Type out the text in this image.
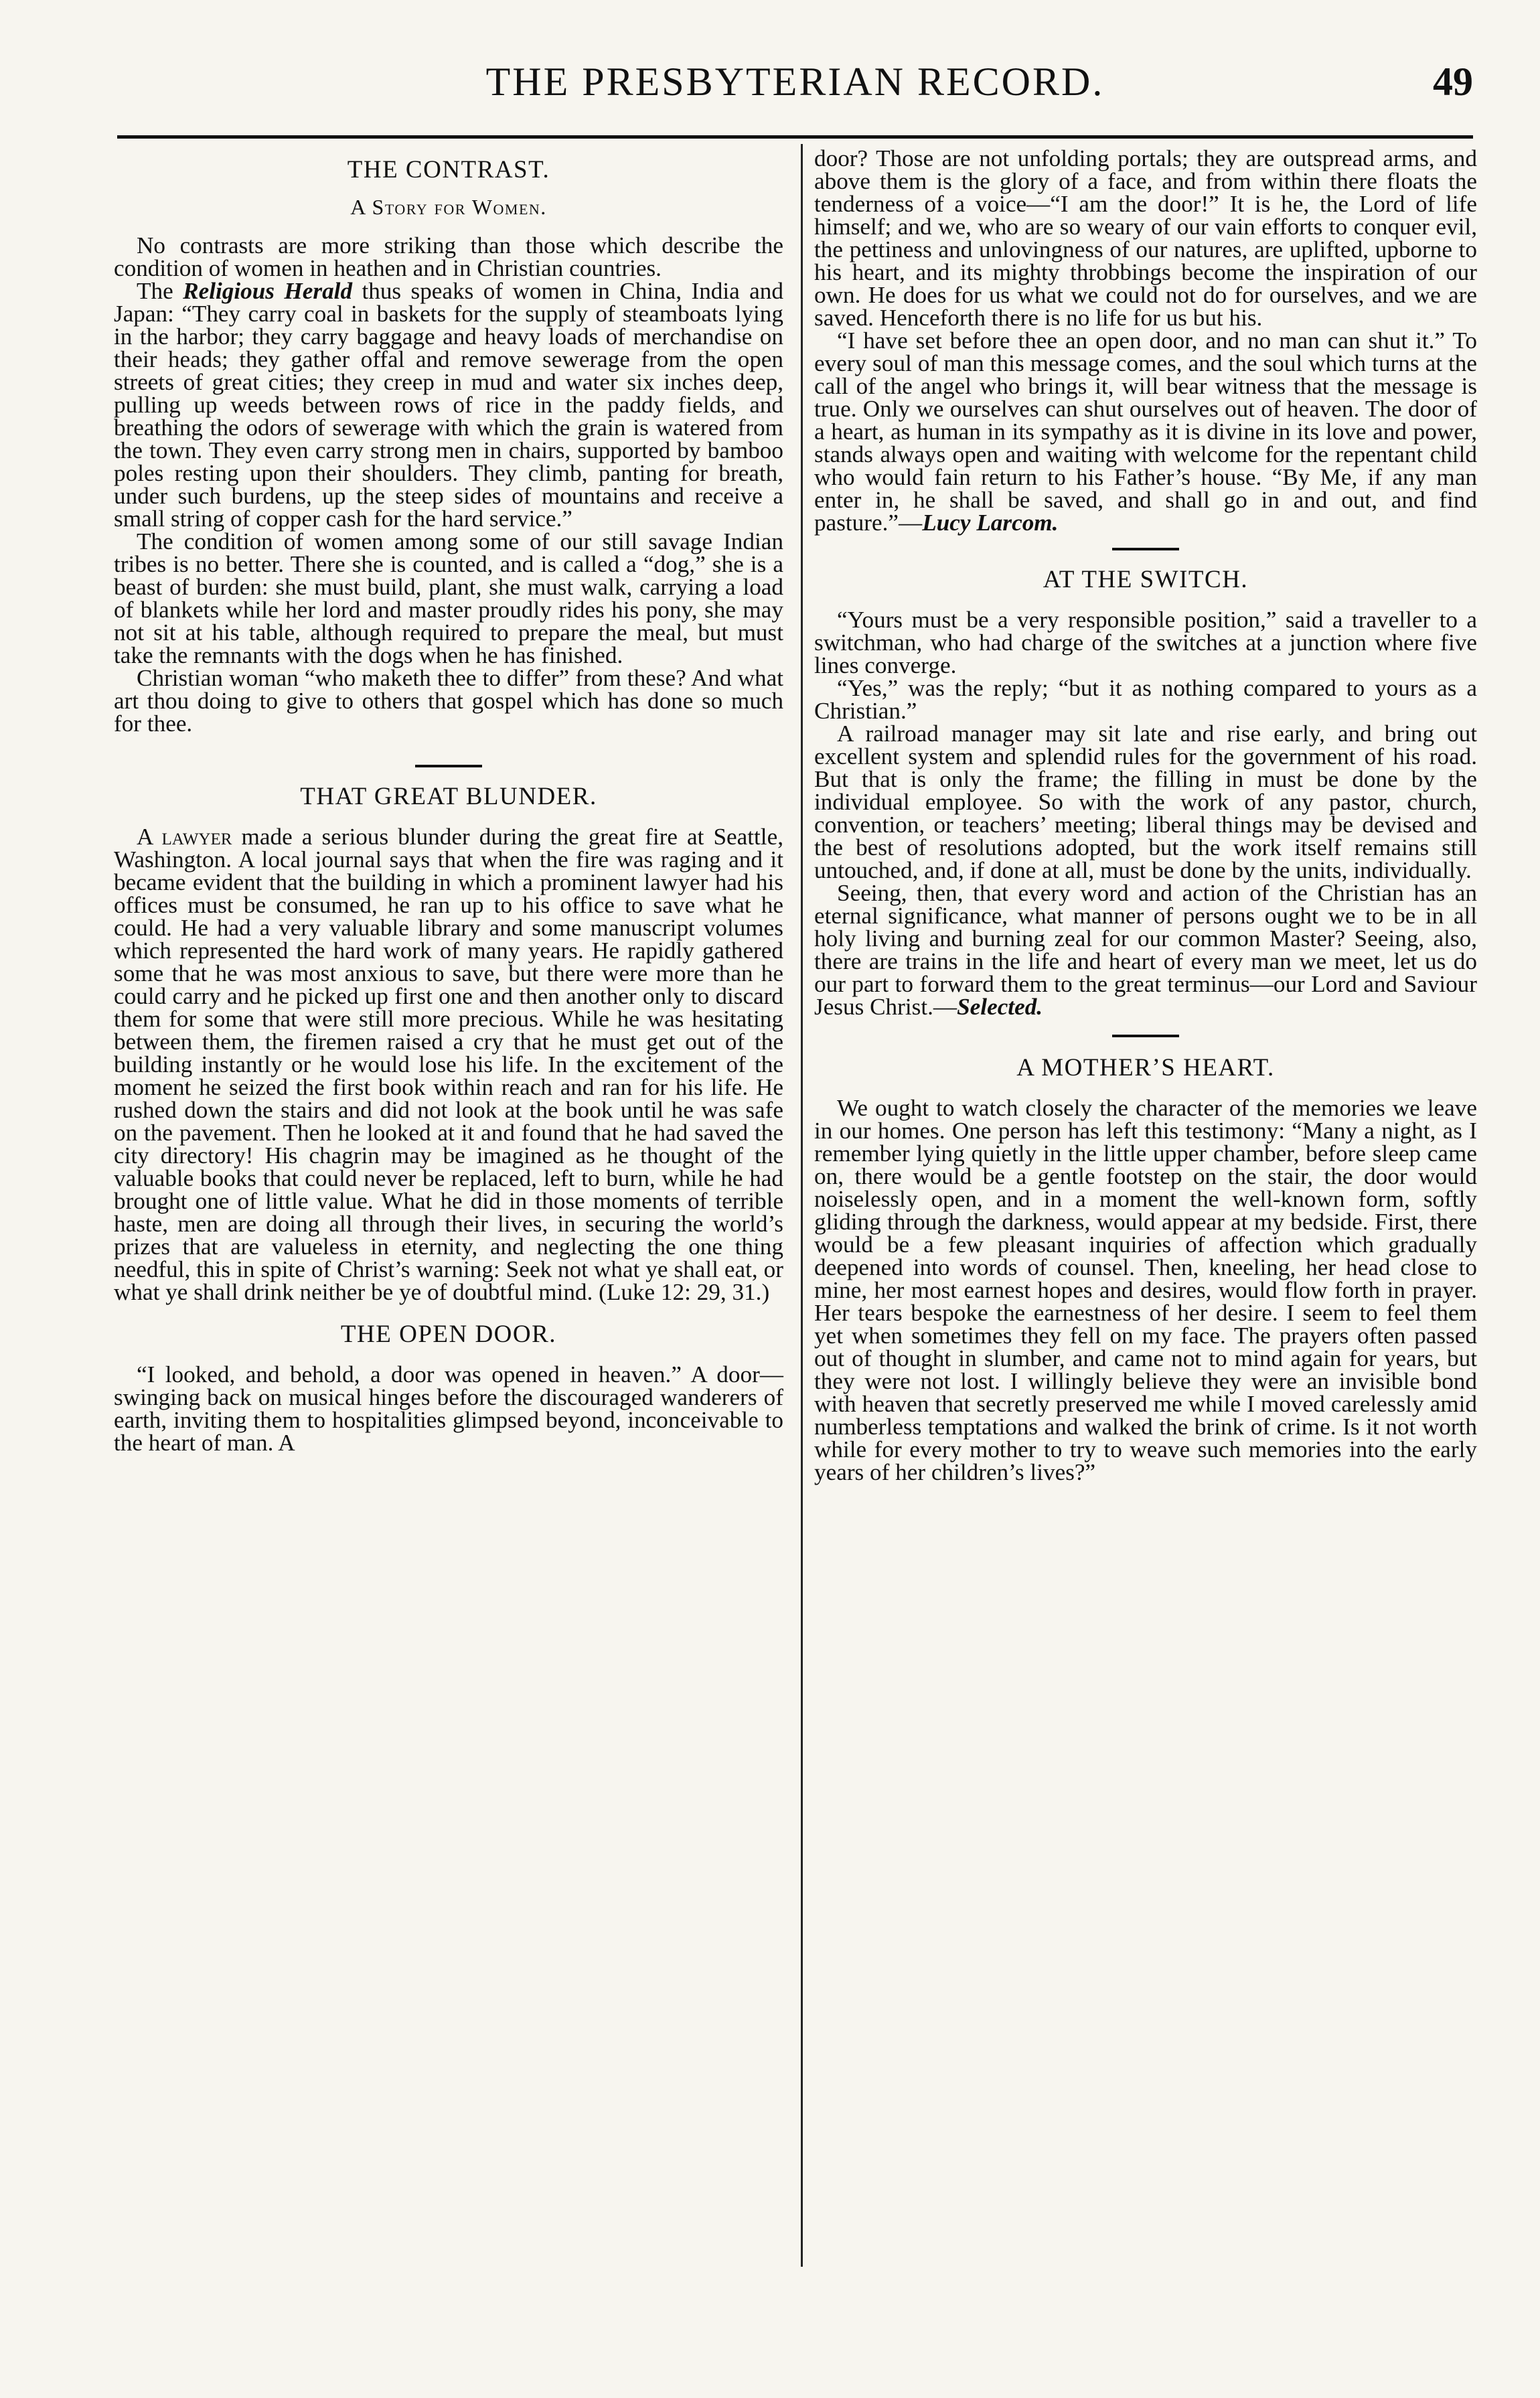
THE PRESBYTERIAN RECORD.	49
THE CONTRAST.
A Story for Women.

No contrasts are more striking than those which describe the condition of women in heathen and in Christian countries.

The Religious Herald thus speaks of women in China, India and Japan: “They carry coal in baskets for the supply of steamboats lying in the harbor; they carry baggage and heavy loads of merchandise on their heads; they gather offal and remove sewerage from the open streets of great cities; they creep in mud and water six inches deep, pulling up weeds between rows of rice in the paddy fields, and breathing the odors of sewerage with which the grain is watered from the town. They even carry strong men in chairs, supported by bamboo poles resting upon their shoulders. They climb, panting for breath, under such burdens, up the steep sides of mountains and receive a small string of copper cash for the hard service.”

The condition of women among some of our still savage Indian tribes is no better. There she is counted, and is called a “dog,” she is a beast of burden: she must build, plant, she must walk, carrying a load of blankets while her lord and master proudly rides his pony, she may not sit at his table, although required to prepare the meal, but must take the remnants with the dogs when he has finished.

Christian woman “who maketh thee to differ” from these? And what art thou doing to give to others that gospel which has done so much for thee.

THAT GREAT BLUNDER.

A lawyer made a serious blunder during the great fire at Seattle, Washington. A local journal says that when the fire was raging and it became evident that the building in which a prominent lawyer had his offices must be consumed, he ran up to his office to save what he could. He had a very valuable library and some manuscript volumes which represented the hard work of many years. He rapidly gathered some that he was most anxious to save, but there were more than he could carry and he picked up first one and then another only to discard them for some that were still more precious. While he was hesitating between them, the firemen raised a cry that he must get out of the building instantly or he would lose his life. In the excitement of the moment he seized the first book within reach and ran for his life. He rushed down the stairs and did not look at the book until he was safe on the pavement. Then he looked at it and found that he had saved the city directory! His chagrin may be imagined as he thought of the valuable books that could never be replaced, left to burn, while he had brought one of little value. What he did in those moments of terrible haste, men are doing all through their lives, in securing the world’s prizes that are valueless in eternity, and neglecting the one thing needful, this in spite of Christ’s warning: Seek not what ye shall eat, or what ye shall drink neither be ye of doubtful mind. (Luke 12: 29, 31.)

THE OPEN DOOR.

“I looked, and behold, a door was opened in heaven.” A door—swinging back on musical hinges before the discouraged wanderers of earth, inviting them to hospitalities glimpsed beyond, inconceivable to the heart of man. A

door? Those are not unfolding portals; they are outspread arms, and above them is the glory of a face, and from within there floats the tenderness of a voice—“I am the door!” It is he, the Lord of life himself; and we, who are so weary of our vain efforts to conquer evil, the pettiness and unlovingness of our natures, are uplifted, upborne to his heart, and its mighty throbbings become the inspiration of our own. He does for us what we could not do for ourselves, and we are saved. Henceforth there is no life for us but his.

“I have set before thee an open door, and no man can shut it.” To every soul of man this message comes, and the soul which turns at the call of the angel who brings it, will bear witness that the message is true. Only we ourselves can shut ourselves out of heaven. The door of a heart, as human in its sympathy as it is divine in its love and power, stands always open and waiting with welcome for the repentant child who would fain return to his Father’s house. “By Me, if any man enter in, he shall be saved, and shall go in and out, and find pasture.”—Lucy Larcom.

AT THE SWITCH.

“Yours must be a very responsible position,” said a traveller to a switchman, who had charge of the switches at a junction where five lines converge.

“Yes,” was the reply; “but it as nothing compared to yours as a Christian.”

A railroad manager may sit late and rise early, and bring out excellent system and splendid rules for the government of his road. But that is only the frame; the filling in must be done by the individual employee. So with the work of any pastor, church, convention, or teachers’ meeting; liberal things may be devised and the best of resolutions adopted, but the work itself remains still untouched, and, if done at all, must be done by the units, individually.

Seeing, then, that every word and action of the Christian has an eternal significance, what manner of persons ought we to be in all holy living and burning zeal for our common Master? Seeing, also, there are trains in the life and heart of every man we meet, let us do our part to forward them to the great terminus—our Lord and Saviour Jesus Christ.—Selected.

A MOTHER’S HEART.

We ought to watch closely the character of the memories we leave in our homes. One person has left this testimony: “Many a night, as I remember lying quietly in the little upper chamber, before sleep came on, there would be a gentle footstep on the stair, the door would noiselessly open, and in a moment the well-known form, softly gliding through the darkness, would appear at my bedside. First, there would be a few pleasant inquiries of affection which gradually deepened into words of counsel. Then, kneeling, her head close to mine, her most earnest hopes and desires, would flow forth in prayer. Her tears bespoke the earnestness of her desire. I seem to feel them yet when sometimes they fell on my face. The prayers often passed out of thought in slumber, and came not to mind again for years, but they were not lost. I willingly believe they were an invisible bond with heaven that secretly preserved me while I moved carelessly amid numberless temptations and walked the brink of crime. Is it not worth while for every mother to try to weave such memories into the early years of her children’s lives?”
